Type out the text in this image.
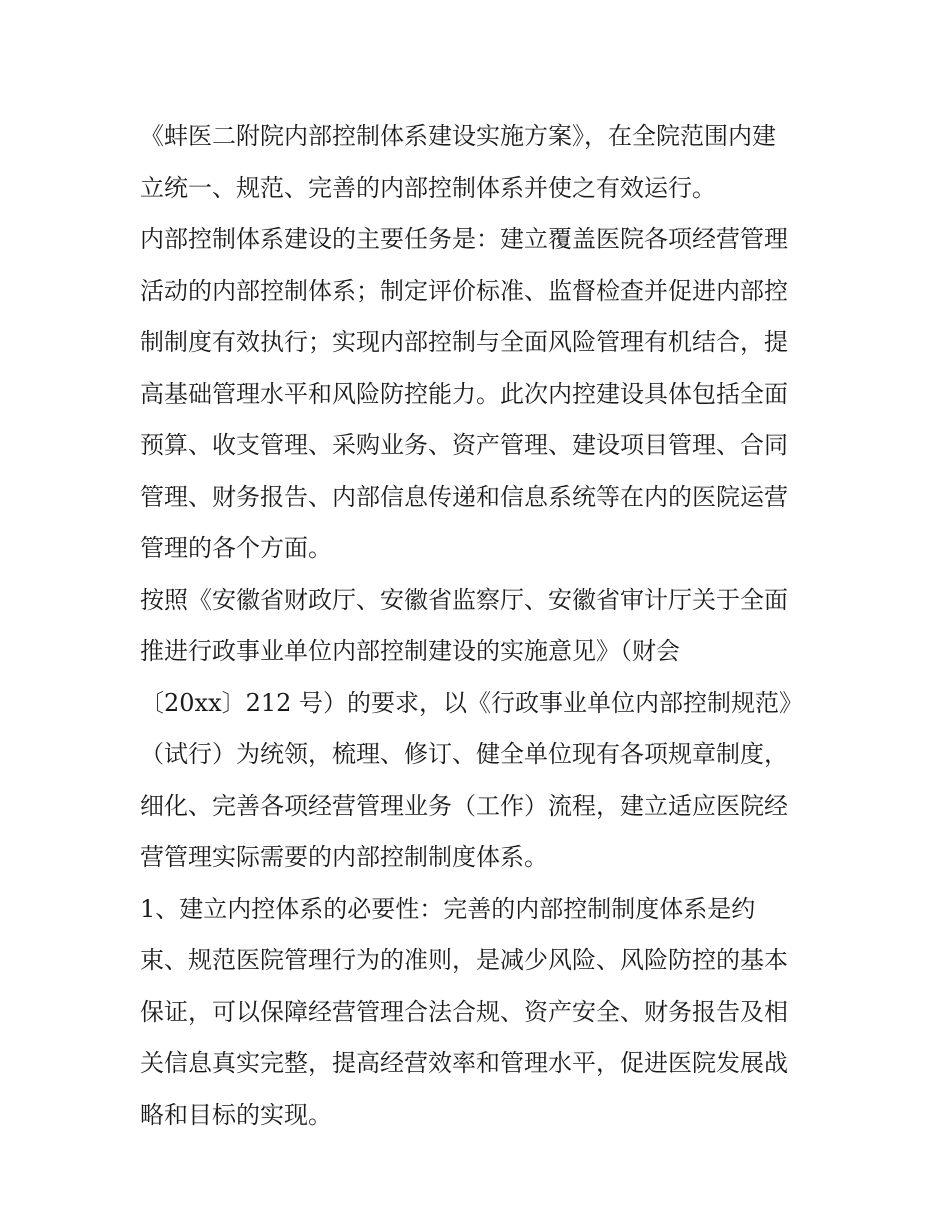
《蚌医二附院内部控制体系建设实施方案》，在全院范围内建
立统一、规范、完善的内部控制体系并使之有效运行。
内部控制体系建设的主要任务是：建立覆盖医院各项经营管理
活动的内部控制体系；制定评价标准、监督检查并促进内部控
制制度有效执行；实现内部控制与全面风险管理有机结合，提
高基础管理水平和风险防控能力。此次内控建设具体包括全面
预算、收支管理、采购业务、资产管理、建设项目管理、合同
管理、财务报告、内部信息传递和信息系统等在内的医院运营
管理的各个方面。
按照《安徽省财政厅、安徽省监察厅、安徽省审计厅关于全面
推进行政事业单位内部控制建设的实施意见》（财会
〔20xx〕212 号）的要求，以《行政事业单位内部控制规范》
（试行）为统领，梳理、修订、健全单位现有各项规章制度，
细化、完善各项经营管理业务（工作）流程，建立适应医院经
营管理实际需要的内部控制制度体系。
1、建立内控体系的必要性：完善的内部控制制度体系是约
束、规范医院管理行为的准则，是减少风险、风险防控的基本
保证，可以保障经营管理合法合规、资产安全、财务报告及相
关信息真实完整，提高经营效率和管理水平，促进医院发展战
略和目标的实现。
